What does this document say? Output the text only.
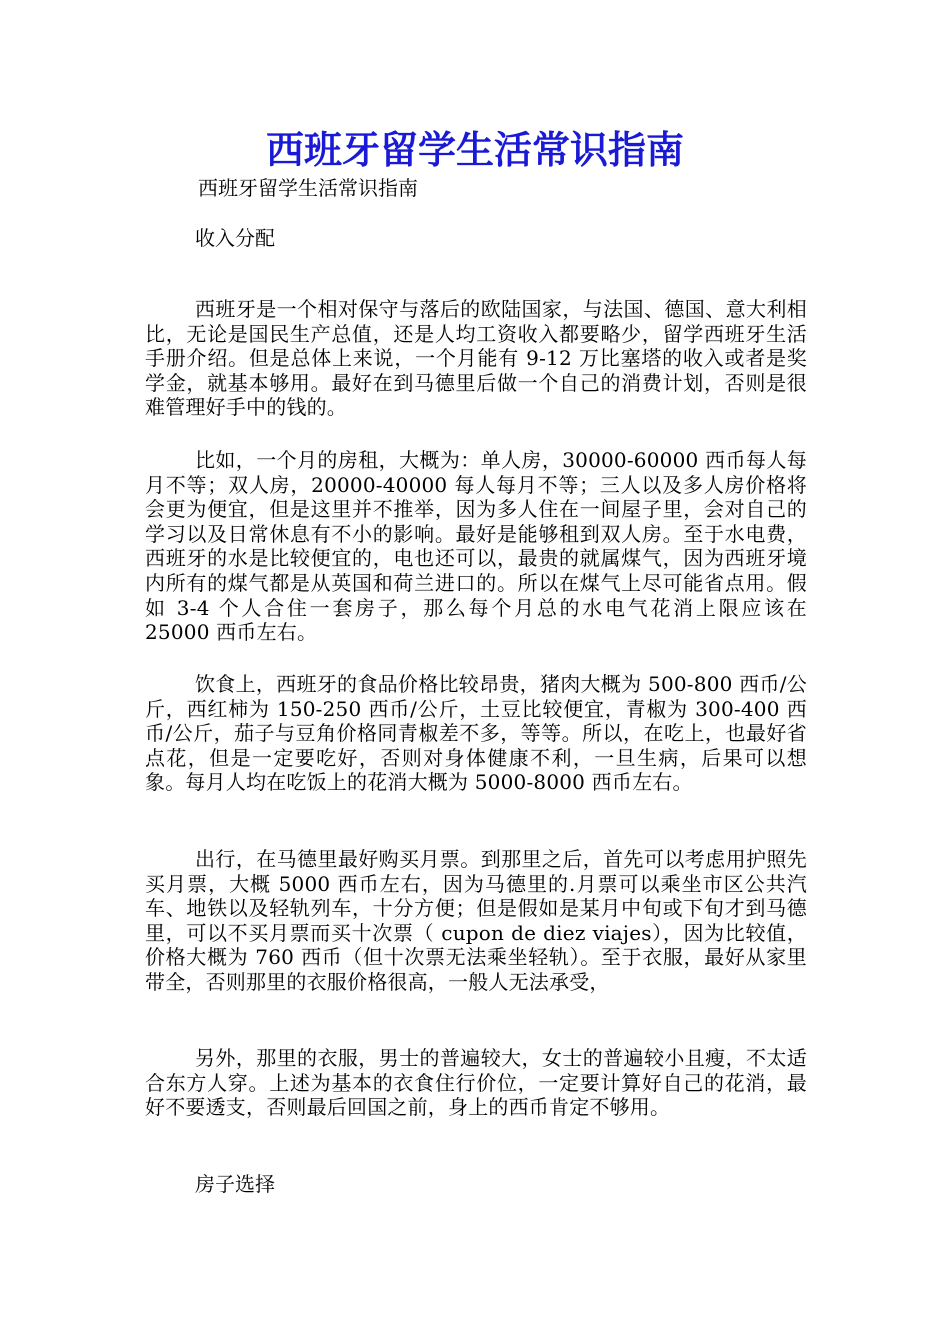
西班牙留学生活常识指南

西班牙留学生活常识指南

收入分配

西班牙是一个相对保守与落后的欧陆国家，与法国、德国、意大利相比，无论是国民生产总值，还是人均工资收入都要略少，留学西班牙生活手册介绍。但是总体上来说，一个月能有 9-12 万比塞塔的收入或者是奖学金，就基本够用。最好在到马德里后做一个自己的消费计划，否则是很难管理好手中的钱的。

比如，一个月的房租，大概为：单人房，30000-60000 西币每人每月不等；双人房，20000-40000 每人每月不等；三人以及多人房价格将会更为便宜，但是这里并不推举，因为多人住在一间屋子里，会对自己的学习以及日常休息有不小的影响。最好是能够租到双人房。至于水电费，西班牙的水是比较便宜的，电也还可以，最贵的就属煤气，因为西班牙境内所有的煤气都是从英国和荷兰进口的。所以在煤气上尽可能省点用。假如 3-4 个人合住一套房子，那么每个月总的水电气花消上限应该在 25000 西币左右。

饮食上，西班牙的食品价格比较昂贵，猪肉大概为 500-800 西币/公斤，西红柿为 150-250 西币/公斤，土豆比较便宜，青椒为 300-400 西币/公斤，茄子与豆角价格同青椒差不多，等等。所以，在吃上，也最好省点花，但是一定要吃好，否则对身体健康不利，一旦生病，后果可以想象。每月人均在吃饭上的花消大概为 5000-8000 西币左右。

出行，在马德里最好购买月票。到那里之后，首先可以考虑用护照先买月票，大概 5000 西币左右，因为马德里的.月票可以乘坐市区公共汽车、地铁以及轻轨列车，十分方便；但是假如是某月中旬或下旬才到马德里，可以不买月票而买十次票（ cupon de diez viajes），因为比较值，价格大概为 760 西币（但十次票无法乘坐轻轨）。至于衣服，最好从家里带全，否则那里的衣服价格很高，一般人无法承受，

另外，那里的衣服，男士的普遍较大，女士的普遍较小且瘦，不太适合东方人穿。上述为基本的衣食住行价位，一定要计算好自己的花消，最好不要透支，否则最后回国之前，身上的西币肯定不够用。

房子选择
